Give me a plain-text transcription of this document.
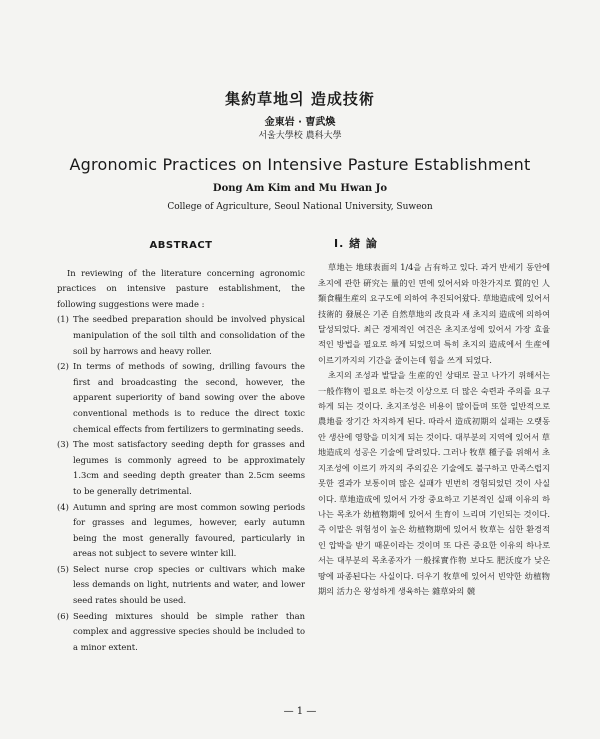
集約草地의 造成技術
金東岩 · 曺武煥
서울大學校 農科大學
Agronomic Practices on Intensive Pasture Establishment
Dong Am Kim and Mu Hwan Jo
College of Agriculture, Seoul National University, Suweon
ABSTRACT

In reviewing of the literature concerning agronomic practices on intensive pasture establishment, the following suggestions were made :

(1) The seedbed preparation should be involved physical manipulation of the soil tilth and consolidation of the soil by harrows and heavy roller.
(2) In terms of methods of sowing, drilling favours the first and broadcasting the second, however, the apparent superiority of band sowing over the above conventional methods is to reduce the direct toxic chemical effects from fertilizers to germinating seeds.
(3) The most satisfactory seeding depth for grasses and legumes is commonly agreed to be approximately 1.3cm and seeding depth greater than 2.5cm seems to be generally detrimental.
(4) Autumn and spring are most common sowing periods for grasses and legumes, however, early autumn being the most generally favoured, particularly in areas not subject to severe winter kill.
(5) Select nurse crop species or cultivars which make less demands on light, nutrients and water, and lower seed rates should be used.
(6) Seeding mixtures should be simple rather than complex and aggressive species should be included to a minor extent.
I. 緖 論

草地는 地球表面의 1/4을 占有하고 있다. 과거 반세기 동안에 초지에 관한 硏究는 量的인 면에 있어서와 마찬가지로 質的인 人類食糧生産의 요구도에 의하여 추진되어왔다. 草地造成에 있어서 技術的 發展은 기존 自然草地의 改良과 새 초지의 造成에 의하여 달성되었다. 최근 경제적인 여건은 초지조성에 있어서 가장 효율적인 방법을 필요로 하게 되었으며 특히 초지의 造成에서 生産에 이르기까지의 기간을 줄이는데 힘을 쓰게 되었다.

초지의 조성과 발달을 生産的인 상태로 끌고 나가기 위해서는 一般作物이 필요로 하는것 이상으로 더 많은 숙련과 주의를 요구하게 되는 것이다. 초지조성은 비용이 많이들며 또한 일반적으로 農地를 장기간 차지하게 된다. 따라서 造成初期의 실패는 오랫동안 생산에 영향을 미치게 되는 것이다. 대부분의 지역에 있어서 草地造成의 성공은 기술에 달려있다. 그러나 牧草 種子를 위해서 초지조성에 이르기 까지의 주의깊은 기술에도 불구하고 만족스럽지 못한 결과가 보통이며 많은 실패가 빈번히 경험되었던 것이 사실이다. 草地造成에 있어서 가장 중요하고 기본적인 실패 이유의 하나는 목초가 幼植物期에 있어서 生育이 느리며 기인되는 것이다. 즉 이말은 위험성이 높은 幼植物期에 있어서 牧草는 심한 환경적인 압박을 받기 때문이라는 것이며 또 다른 중요한 이유의 하나로서는 대부분의 목초종자가 一般採實作物 보다도 肥沃度가 낮은 땅에 파종된다는 사실이다. 더우기 牧草에 있어서 빈약한 幼植物期의 活力은 왕성하게 생육하는 雜草와의 競

— 1 —
